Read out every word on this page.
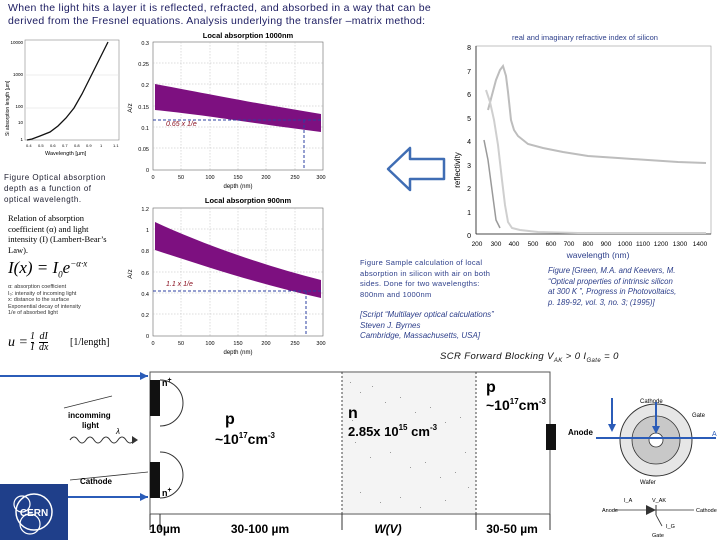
When the light hits a layer it is reflected, refracted, and absorbed in a way that can be
derived from the Fresnel equations. Analysis underlying the transfer –matrix method:
10000
1000
100
10
1
0.4 0.5 0.6 0.7 0.8 0.9 1	1.1
Wavelength [µm]
Si absorption length [µm]
Figure Optical absorption
depth as a function of
optical wavelength.
Local absorption 1000nm
0.65 x 1/e
0.3
0.25
0.2
0.15
0.1
0.05
0
0	50	100	150	200	250	300
depth (nm)
A/z
Local absorption 900nm
1.1 x 1/e
1.2
1
0.8
0.6
0.4
0.2
0
0	50	100	150	200	250	300
depth (nm)
A/z
Relation of absorption
coefficient (α) and light
intensity (I) (Lambert-Bear’s
Law).
$I(x) = I_0e^{-\alpha\cdot x}$
α: absorption coefficient
I₀: intensity of incoming light
x: distance to the surface
Exponential decay of intensity
1/e of absorbed light
$u = \frac{1}{I}$ dI
dx [1/length]
real and imaginary refractive index of silicon
8
7
6
5
4
3
2
1
0
200 300 400 500 600 700 800 900 1000 1100 1200 1300 1400
wavelength (nm)
reflectivity
Figure Sample calculation of local
absorption in silicon with air on both
sides. Done for two wavelengths:
800nm and 1000nm
[Script “Multilayer optical calculations”
Steven J. Byrnes
Cambridge, Massachusetts, USA]
Figure [Green, M.A. and Keevers, M.
“Optical properties of intrinsic silicon
at 300 K ”, Progress in Photovoltaics,
p. 189-92, vol. 3, no. 3; (1995)]
SCR Forward Blocking $V_{AK} > 0$ $I_{Gate} = 0$
n+
n+
p
$\sim 10^{17}cm^{-3}$
n
2.85x $10^{15}$ $cm^{-3}$
p
$\sim 10^{17}cm^{-3}$
incomming light
λ
Cathode
Anode
10µm	30-100 µm	W(V)	30-50 µm
Cathode
Gate
Wafer
A
I_A	V_AK
Anode	Cathode
I_G
Gate
CERN
